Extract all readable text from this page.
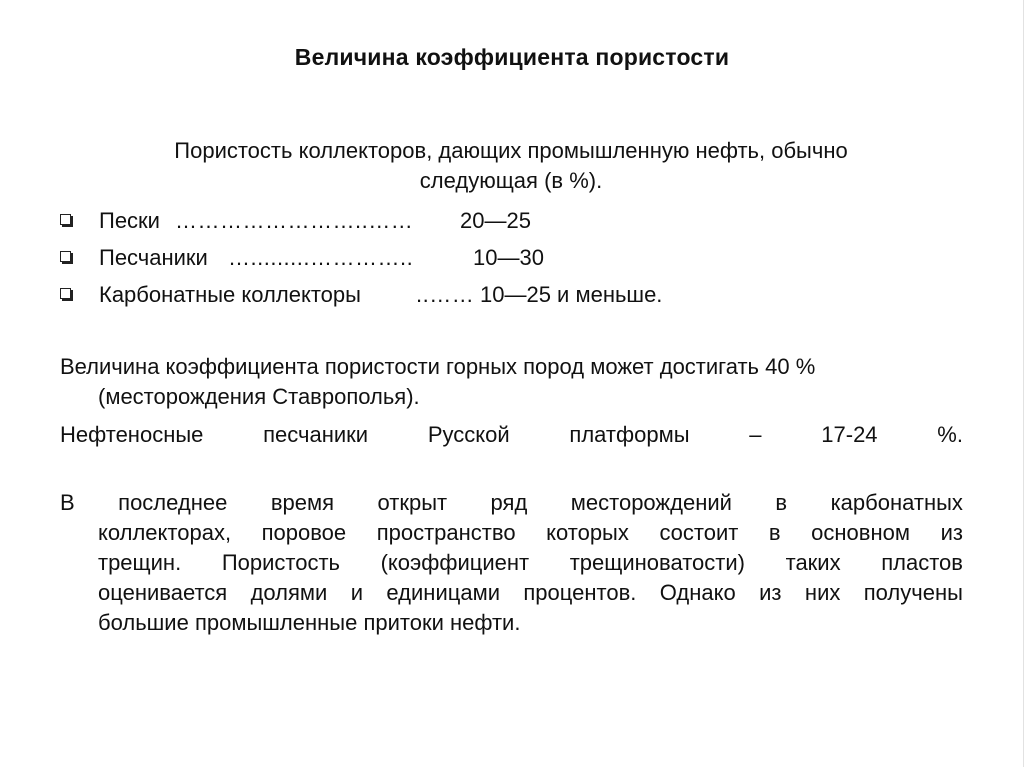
Величина коэффициента пористости
Пористость коллекторов, дающих промышленную нефть, обычно
следующая (в %).
Пески ……………………..…… 20—25
Песчаники ….........…………..	10—30
Карбонатные коллекторы	..…… 10—25 и меньше.
Величина коэффициента пористости горных пород может достигать 40 %
(месторождения Ставрополья).
Нефтеносные	песчаники	Русской	платформы	–	17-24	%.
В последнее время открыт ряд месторождений в карбонатных
коллекторах, поровое пространство которых состоит в основном из
трещин. Пористость (коэффициент трещиноватости) таких пластов
оценивается долями и единицами процентов. Однако из них получены
большие промышленные притоки нефти.
